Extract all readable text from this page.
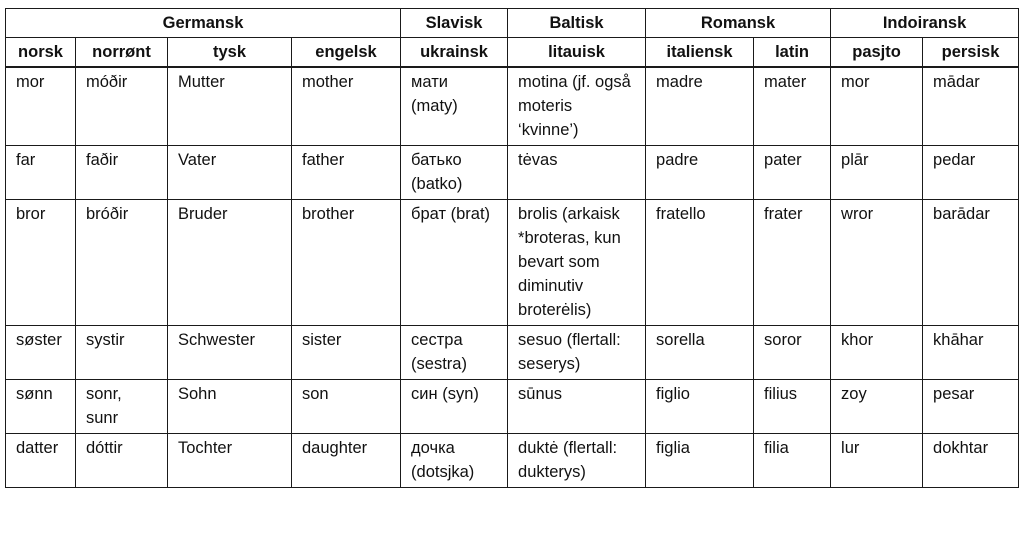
Germansk				Slavisk	Baltisk	Romansk		Indoiransk	
norsk	norrønt	tysk	engelsk	ukrainsk	litauisk	italiensk	latin	pasjto	persisk
mor	móðir	Mutter	mother	мати (maty)	motina (jf. også moteris ‘kvinne’)	madre	mater	mor	mādar
far	faðir	Vater	father	батько (batko)	tėvas	padre	pater	plār	pedar
bror	bróðir	Bruder	brother	брат (brat)	brolis (arkaisk *broteras, kun bevart som diminutiv broterėlis)	fratello	frater	wror	barādar
søster	systir	Schwester	sister	сестра (sestra)	sesuo (flertall: seserys)	sorella	soror	khor	khāhar
sønn	sonr, sunr	Sohn	son	син (syn)	sūnus	figlio	filius	zoy	pesar
datter	dóttir	Tochter	daughter	дочка (dotsjka)	duktė (flertall: dukterys)	figlia	filia	lur	dokhtar
